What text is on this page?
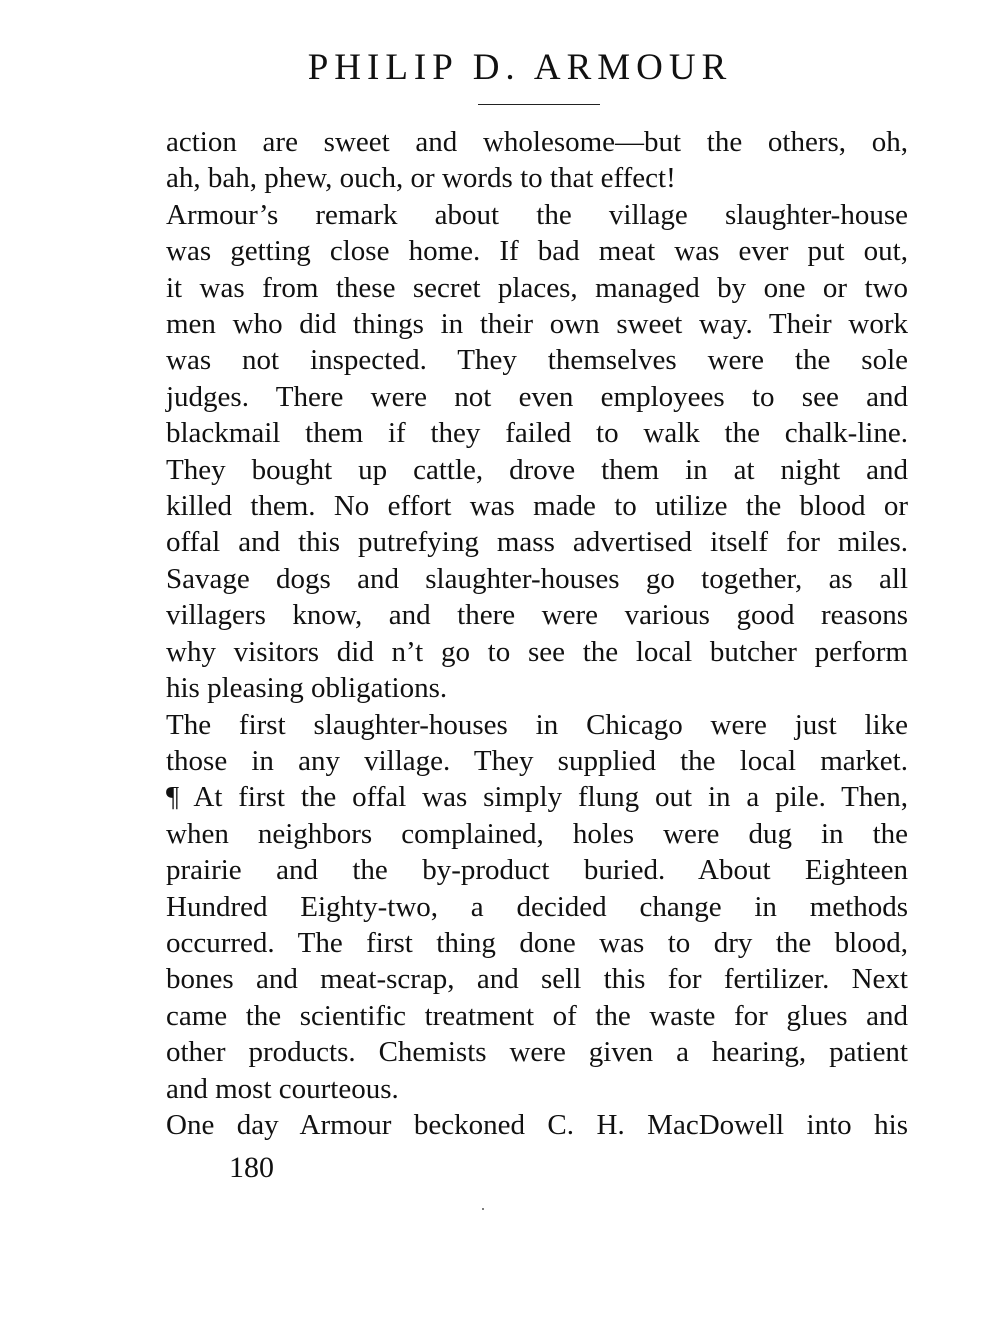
PHILIP D. ARMOUR
action are sweet and wholesome—but the others, oh,
ah, bah, phew, ouch, or words to that effect!
Armour’s remark about the village slaughter-house
was getting close home. If bad meat was ever put out,
it was from these secret places, managed by one or two
men who did things in their own sweet way. Their work
was not inspected. They themselves were the sole
judges. There were not even employees to see and
blackmail them if they failed to walk the chalk-line.
They bought up cattle, drove them in at night and
killed them. No effort was made to utilize the blood or
offal and this putrefying mass advertised itself for miles.
Savage dogs and slaughter-houses go together, as all
villagers know, and there were various good reasons
why visitors did n’t go to see the local butcher perform
his pleasing obligations.
The first slaughter-houses in Chicago were just like
those in any village. They supplied the local market.
¶ At first the offal was simply flung out in a pile. Then,
when neighbors complained, holes were dug in the
prairie and the by-product buried. About Eighteen
Hundred Eighty-two, a decided change in methods
occurred. The first thing done was to dry the blood,
bones and meat-scrap, and sell this for fertilizer. Next
came the scientific treatment of the waste for glues and
other products. Chemists were given a hearing, patient
and most courteous.
One day Armour beckoned C. H. MacDowell into his
180
